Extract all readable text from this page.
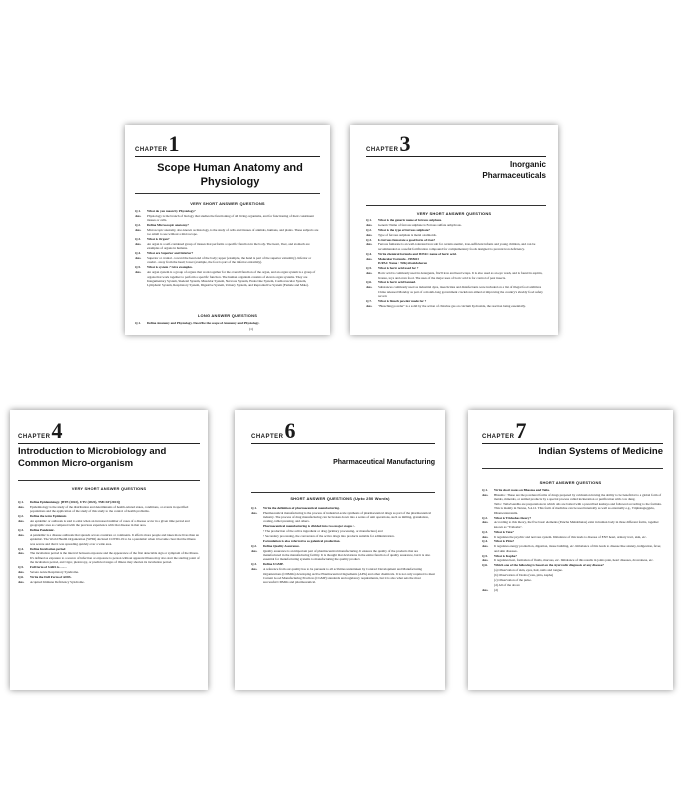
CHAPTER 1
Scope Human Anatomy and Physiology
VERY SHORT ANSWER QUESTIONS
Q.1.	What do you mean by Physiology?
Ans.	Physiology is the branch of biology that studies the functioning of all living organisms, and for functioning of their constituent tissues or cells.
Q.2.	Define Microscopic anatomy?
Ans.	Microscopic anatomy, also known as histology, is the study of cells and tissues of animals, humans, and plants. These subjects are too small to see without a microscope.
Q.3.	What is Organ?
Ans.	An organ is a self-contained group of tissues that performs a specific function in the body. The heart, liver, and stomach are examples of organs in humans.
Q.4.	What are Superior and Inferior?
Ans.	Superior or cranial - toward the head end of the body; upper (example, the hand is part of the superior extremity). Inferior or caudal - away from the head; lower (example, the foot is part of the inferior extremity).
Q.5.	What is system ? Give examples.
Ans.	An organ system is a group of organs that work together for the overall function of the organ, and an organ system is a group of organs that work together to perform a specific function. The human organism consists of eleven organ systems. They are Integumentary System, Skeletal System, Muscular System, Nervous System, Endocrine System, Cardiovascular System, Lymphatic System, Respiratory System, Digestive System, Urinary System, and Reproductive System (Female and Male).
LONG ANSWER QUESTIONS
Q.1.	Define Anatomy and Physiology. Describe the scope of Anatomy and Physiology.
(1)
CHAPTER 3
Inorganic Pharmaceuticals
VERY SHORT ANSWER QUESTIONS
Q.1.	What is the generic name of ferrous sulphate.
Ans.	Generic Name of ferrous sulphate is Ferrous sulfate anhydrous.
Q.2.	What is the type of ferrous sulphate?
Ans.	Type of ferrous sulphate is metal oxalinoids.
Q.3.	Is ferrous fumarate a good form of iron?
Ans.	Ferrous fumarate is an well-tolerated iron salt for certain anemic, iron-sufficient infants and young children, and can be recommended as a useful fortification compound for complementary foods designed to prevent iron deficiency.
Q.4.	Write chemical formula and IUPAC name of boric acid.
Ans.	Molecular Formula - H3BO3
IUPAC Name : Trihydroxidoboron
Q.5.	What is boric acid used for ?
Ans.	Boric acid is commonly used in detergents, fire'll iron and head wraps. It is also used as an eye wash, and is found in aspirin, bronze, toys and even food. The uses of the major uses of boric acid is for control of pest insects.
Q.6.	What is boric acid banned.
Ans.	Substances commonly used as industrial dyes, insecticides and disinfectants were included on a list of illegal food additives China released Monday as part of a month-long government crackdown aimed at improving the country's shoddy food safety record.
Q.7.	What is bleach powder made for ?
Ans.	"Bleaching powder" is a solid by the action of chlorine gas on calcium hydroxide, the reaction being essentially.
CHAPTER 4
Introduction to Microbiology and Common Micro-organism
VERY SHORT ANSWER QUESTIONS
Q.1.	Define Epidemiology. [BTE (2022), UTU (2022), TMCSP (2023)]
Ans.	Epidemiology is the study of the distribution and determinants of health-related states, conditions, or events in specified populations and the application of the study of this study to the control of health problems.
Q.2.	Define the term Epidemic.
Ans.	An epidemic or outbreak is said to exist when an increased number of cases of a disease occur in a given time period and geographic area as compared with the previous experience with that disease in that area.
Q.3.	Define Pandemic.
Ans.	A pandemic is a disease outbreak that spreads across countries or continents. It affects more people and takes more lives than an epidemic. The World Health Organization (WHO) declared COVID-19 to be a pandemic when it became clear that the illness was severe and that it was spreading quickly over a wide area.
Q.4.	Define Incubation period
Ans.	The incubation period is the interval between exposure and the appearance of the first detectable sign or symptom of the illness. It's defined as exposure to a source of infection or exposure to person without apparent illness may also start the starting point of the incubation period, and vigor, pleiotropy, or predicted stages of illness may shorten its incubation period.
Q.5.	Full form of SARS is.........
Ans.	Severe Acute Respiratory Syndrome.
Q.6.	Write the Full Form of AIDS.
Ans.	Acquired Immune Deficiency Syndrome.
CHAPTER 6
Pharmaceutical Manufacturing
SHORT ANSWER QUESTIONS (Upto 250 Words)
Q.1.	Write the definition of pharmaceutical manufacturing.
Ans.	Pharmaceutical manufacturing is the process of industrial-scale synthesis of pharmaceutical drugs as part of the pharmaceutical industry. The process of drug manufacturing can be broken down into a series of unit operations, such as milling, granulation, coating, tablet pressing, and others.
Pharmaceutical manufacturing is divided into two major stages :-
• The production of the active ingredient or drug (primary processing, or manufacture) and
• Secondary processing, the conversion of the active drugs into products suitable for administration.
Formulation is also referred to as galenical production.
Q.2.	Define Quality Assurance.
Ans.	Quality assurance is an important part of pharmaceutical manufacturing. It ensures the quality of the products that are manufactured in the manufacturing facility. It is thought that deviations in the entire function of quality assurance, but it is also essential for manufacturing systems to manufacturing the quality product.
Q.3.	Define UGMP.
Ans.	A reference from our quality has to be pursuant to all activities undertaken by Contract Development and Manufacturing Organizations (CDMOs) developing Active Pharmaceutical Ingredients (APIs) and other chemicals. It is not only required to meet Current Good Manufacturing Practices (CGMP) standards and regulatory requirements, but it is also what sets the most successful CDMOs and pharmaceutical.
CHAPTER 7
Indian Systems of Medicine
SHORT ANSWER QUESTIONS
Q.1.	Write short notes on Bhasma and Taila.
Ans.	Bhasma : These are the powdered forms of drugs prepared by calcination having the ability to be beneficial to a global form of metals, minerals, or animal products by a special process called incineration or purification with cow dung.
Taila : Taila/Gandha are preparations in which oils are boiled with a prescribed kashaya and followed according to the formula. This is mainly in Taruna, S.4.12. This form of medicine can be used internally as well as externally e.g., Triphalaguggulu, Dhanwantarataila.
Q.2.	What is Tridoshas theory?
Ans.	According to this theory, the five basic elements (Pancha Mahabhutas) exist in human body in three different forms, together known as "Tridosha".
Q.3.	What is Vata?
Ans.	It regulates the psychic and nervous system. Imbalance of this leads to disease of ENT heart, urinary tract, skin, etc.
Q.4.	What is Pitta?
Ans.	It regulates energy production, digestion, tissue building, etc. Imbalance of this leads to disease like anxiety, indigestion, fever, and skin diseases.
Q.5.	What is Kapha?
Ans.	It regulates heat, formation of fluids, mucous, etc. Imbalance of this results in joints pain, heart diseases, drowsiness, etc.
Q.6.	Which one of the following is based on the Ayurvedic diagnosis of any disease?
(a) Observation of skin, eyes, hair, nails and tongue.
(b) Observation of Dosha (vata, pitta, kapha)
(c) Observation of the pulse.
(d) All of the above
Ans.	(d)
